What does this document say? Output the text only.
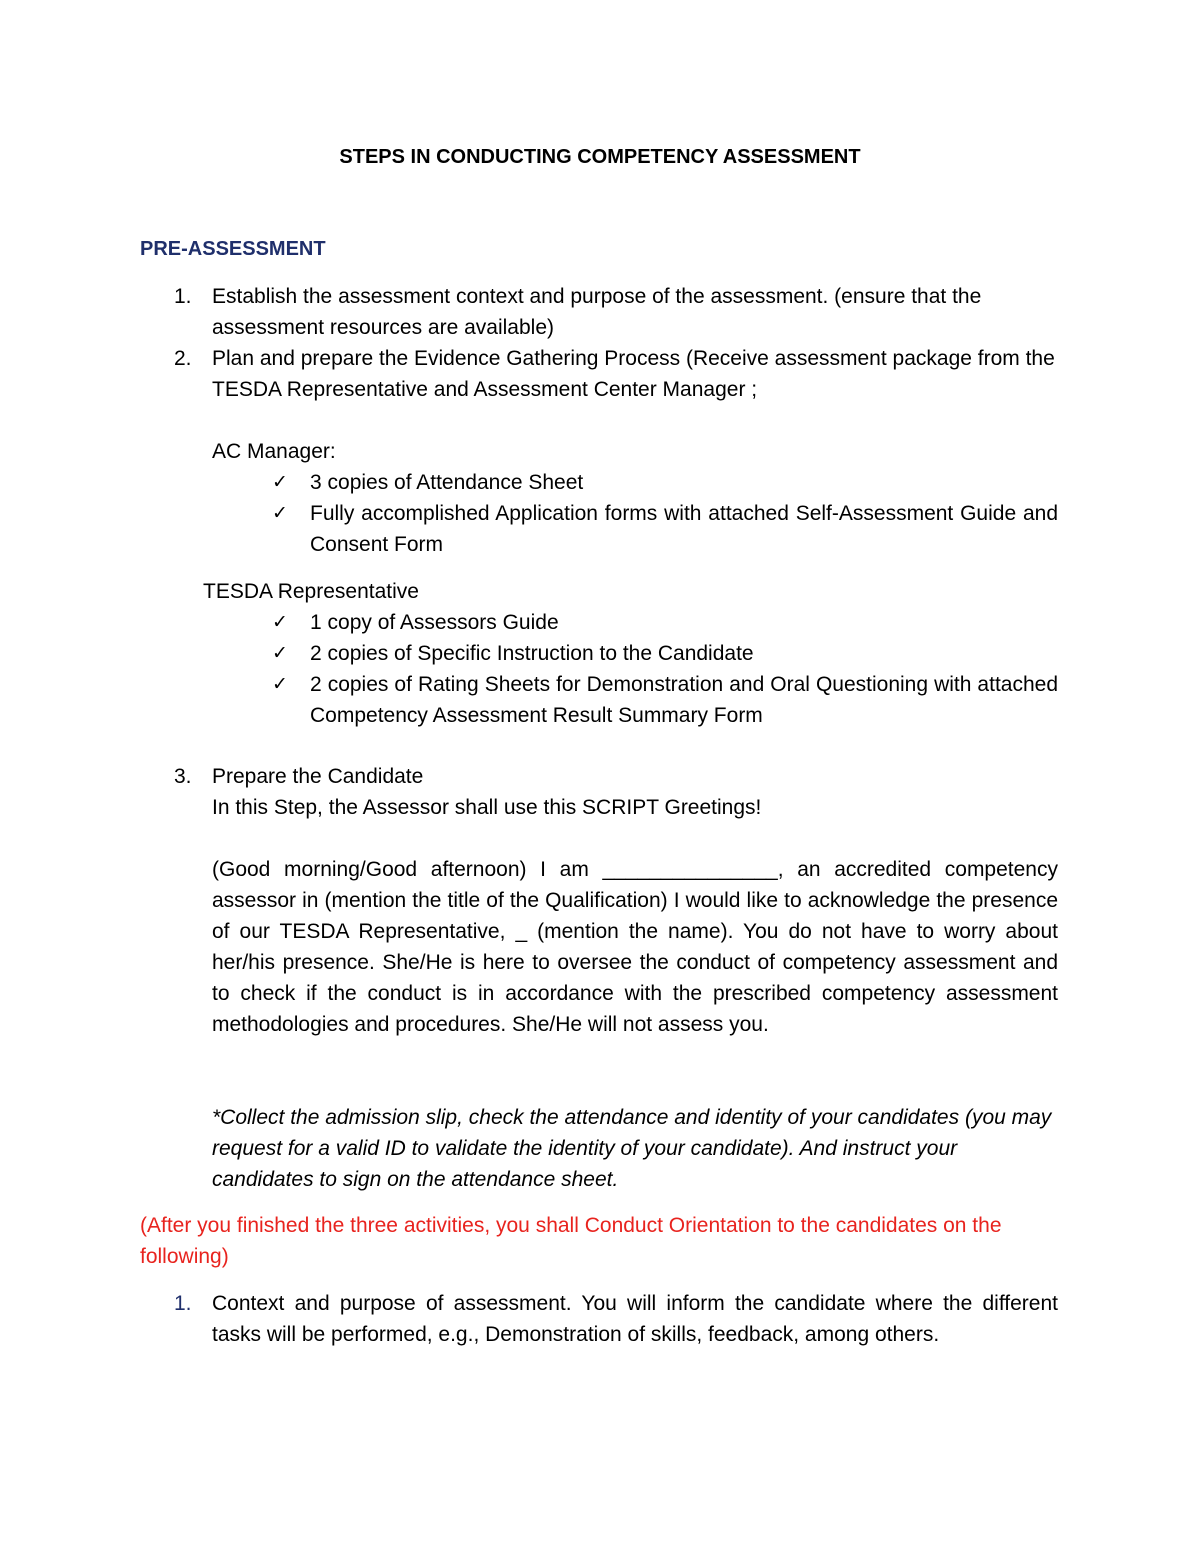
STEPS IN CONDUCTING COMPETENCY ASSESSMENT
PRE-ASSESSMENT
1. Establish the assessment context and purpose of the assessment. (ensure that the assessment resources are available)
2. Plan and prepare the Evidence Gathering Process (Receive assessment package from the TESDA Representative and Assessment Center Manager ;
AC Manager:
✓	3 copies of Attendance Sheet
✓	Fully accomplished Application forms with attached Self-Assessment Guide and Consent Form
TESDA Representative
✓	1 copy of Assessors Guide
✓	2 copies of Specific Instruction to the Candidate
✓	2 copies of Rating Sheets for Demonstration and Oral Questioning with attached Competency Assessment Result Summary Form
3. Prepare the Candidate
In this Step, the Assessor shall use this SCRIPT Greetings!
(Good morning/Good afternoon) I am _______________, an accredited competency assessor in (mention the title of the Qualification) I would like to acknowledge the presence of our TESDA Representative, _ (mention the name). You do not have to worry about her/his presence. She/He is here to oversee the conduct of competency assessment and to check if the conduct is in accordance with the prescribed competency assessment methodologies and procedures. She/He will not assess you.
*Collect the admission slip, check the attendance and identity of your candidates (you may request for a valid ID to validate the identity of your candidate). And instruct your candidates to sign on the attendance sheet.
(After you finished the three activities, you shall Conduct Orientation to the candidates on the following)
1. Context and purpose of assessment. You will inform the candidate where the different tasks will be performed, e.g., Demonstration of skills, feedback, among others.
